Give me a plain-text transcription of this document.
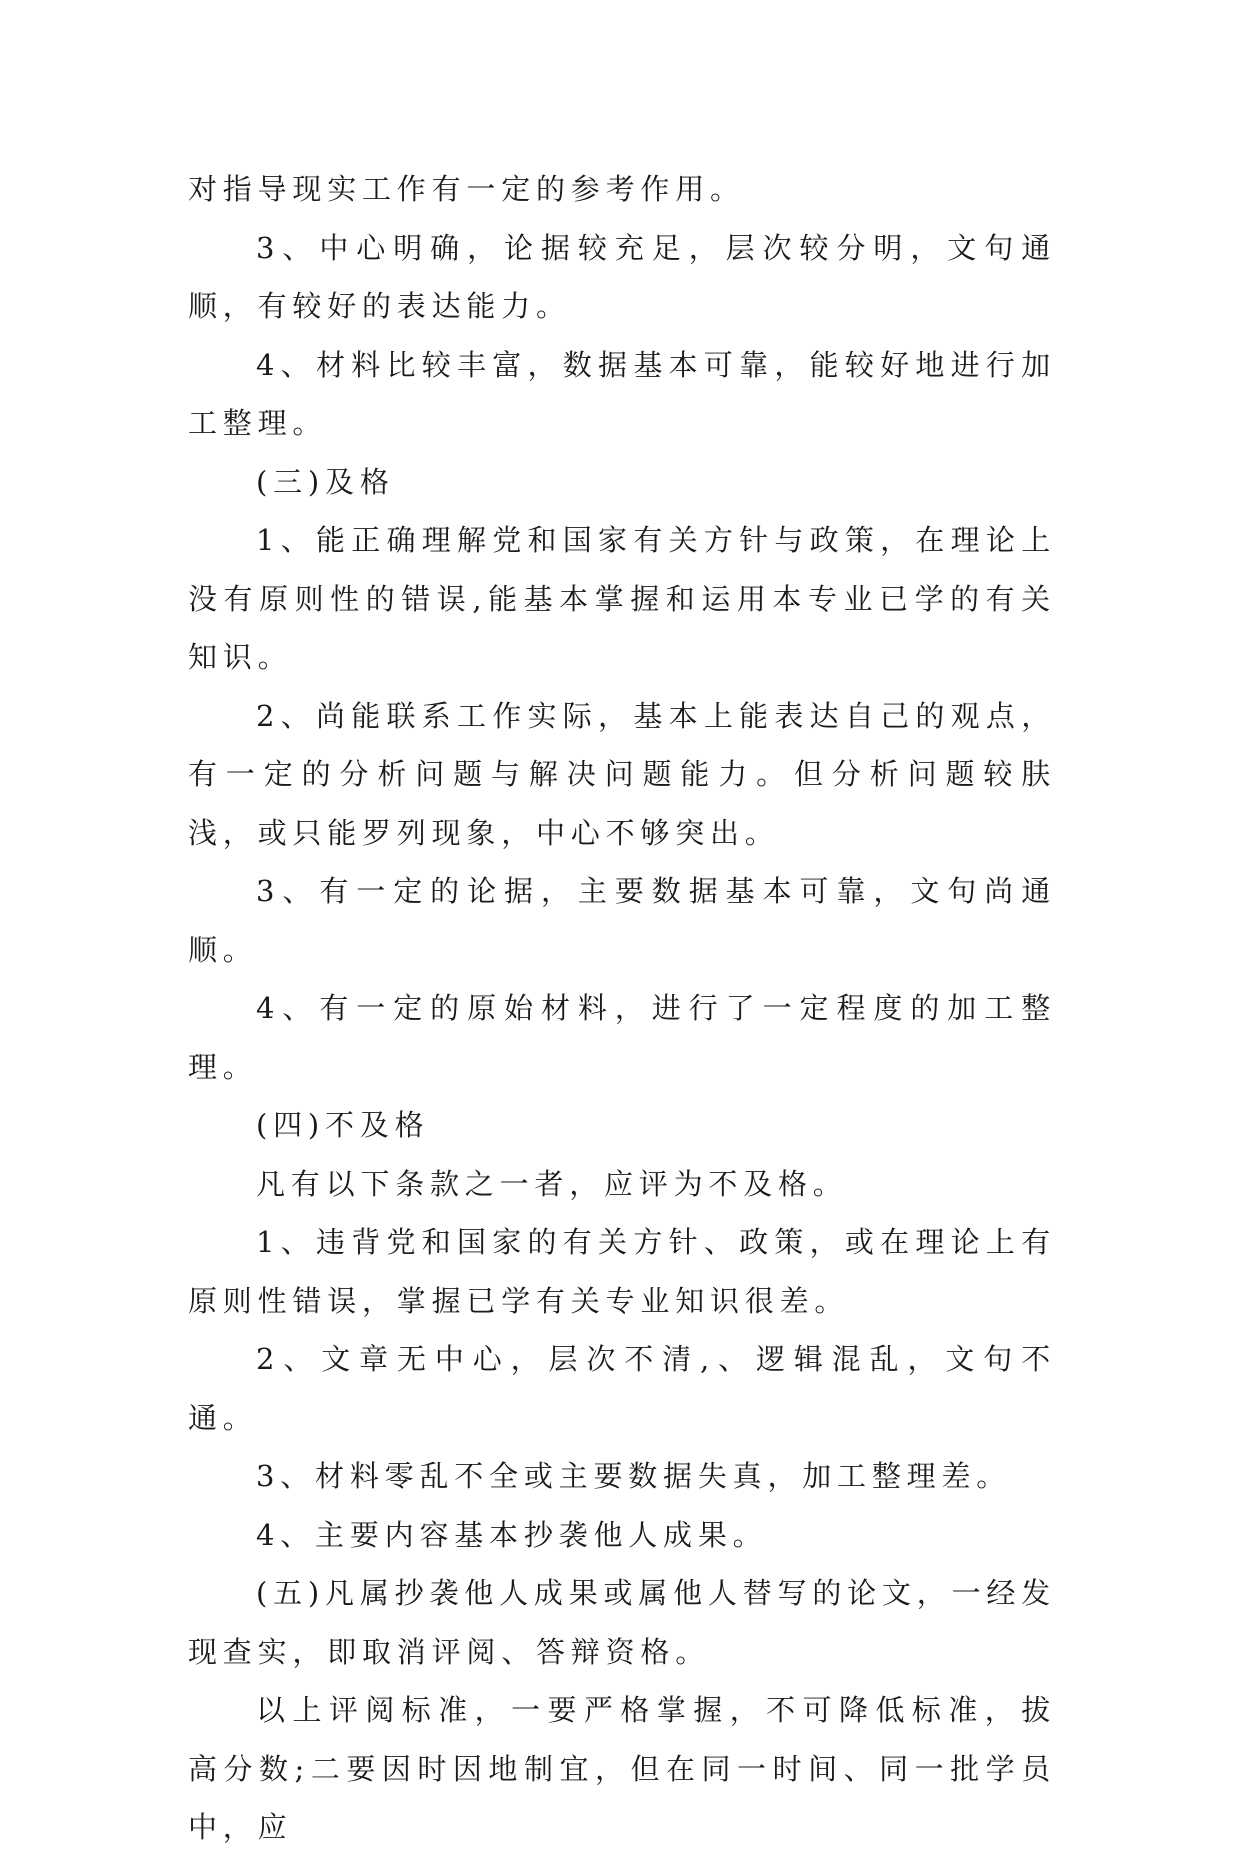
对指导现实工作有一定的参考作用。

3、中心明确，论据较充足，层次较分明，文句通顺，有较好的表达能力。

4、材料比较丰富，数据基本可靠，能较好地进行加工整理。

(三)及格

1、能正确理解党和国家有关方针与政策，在理论上没有原则性的错误,能基本掌握和运用本专业已学的有关知识。

2、尚能联系工作实际，基本上能表达自己的观点，有一定的分析问题与解决问题能力。但分析问题较肤浅，或只能罗列现象，中心不够突出。

3、有一定的论据，主要数据基本可靠，文句尚通顺。

4、有一定的原始材料，进行了一定程度的加工整理。

(四)不及格

凡有以下条款之一者，应评为不及格。

1、违背党和国家的有关方针、政策，或在理论上有原则性错误，掌握已学有关专业知识很差。

2、文章无中心，层次不清,、逻辑混乱，文句不通。

3、材料零乱不全或主要数据失真，加工整理差。

4、主要内容基本抄袭他人成果。

(五)凡属抄袭他人成果或属他人替写的论文，一经发现查实，即取消评阅、答辩资格。

以上评阅标准，一要严格掌握，不可降低标准，拔高分数;二要因时因地制宜，但在同一时间、同一批学员中，应
